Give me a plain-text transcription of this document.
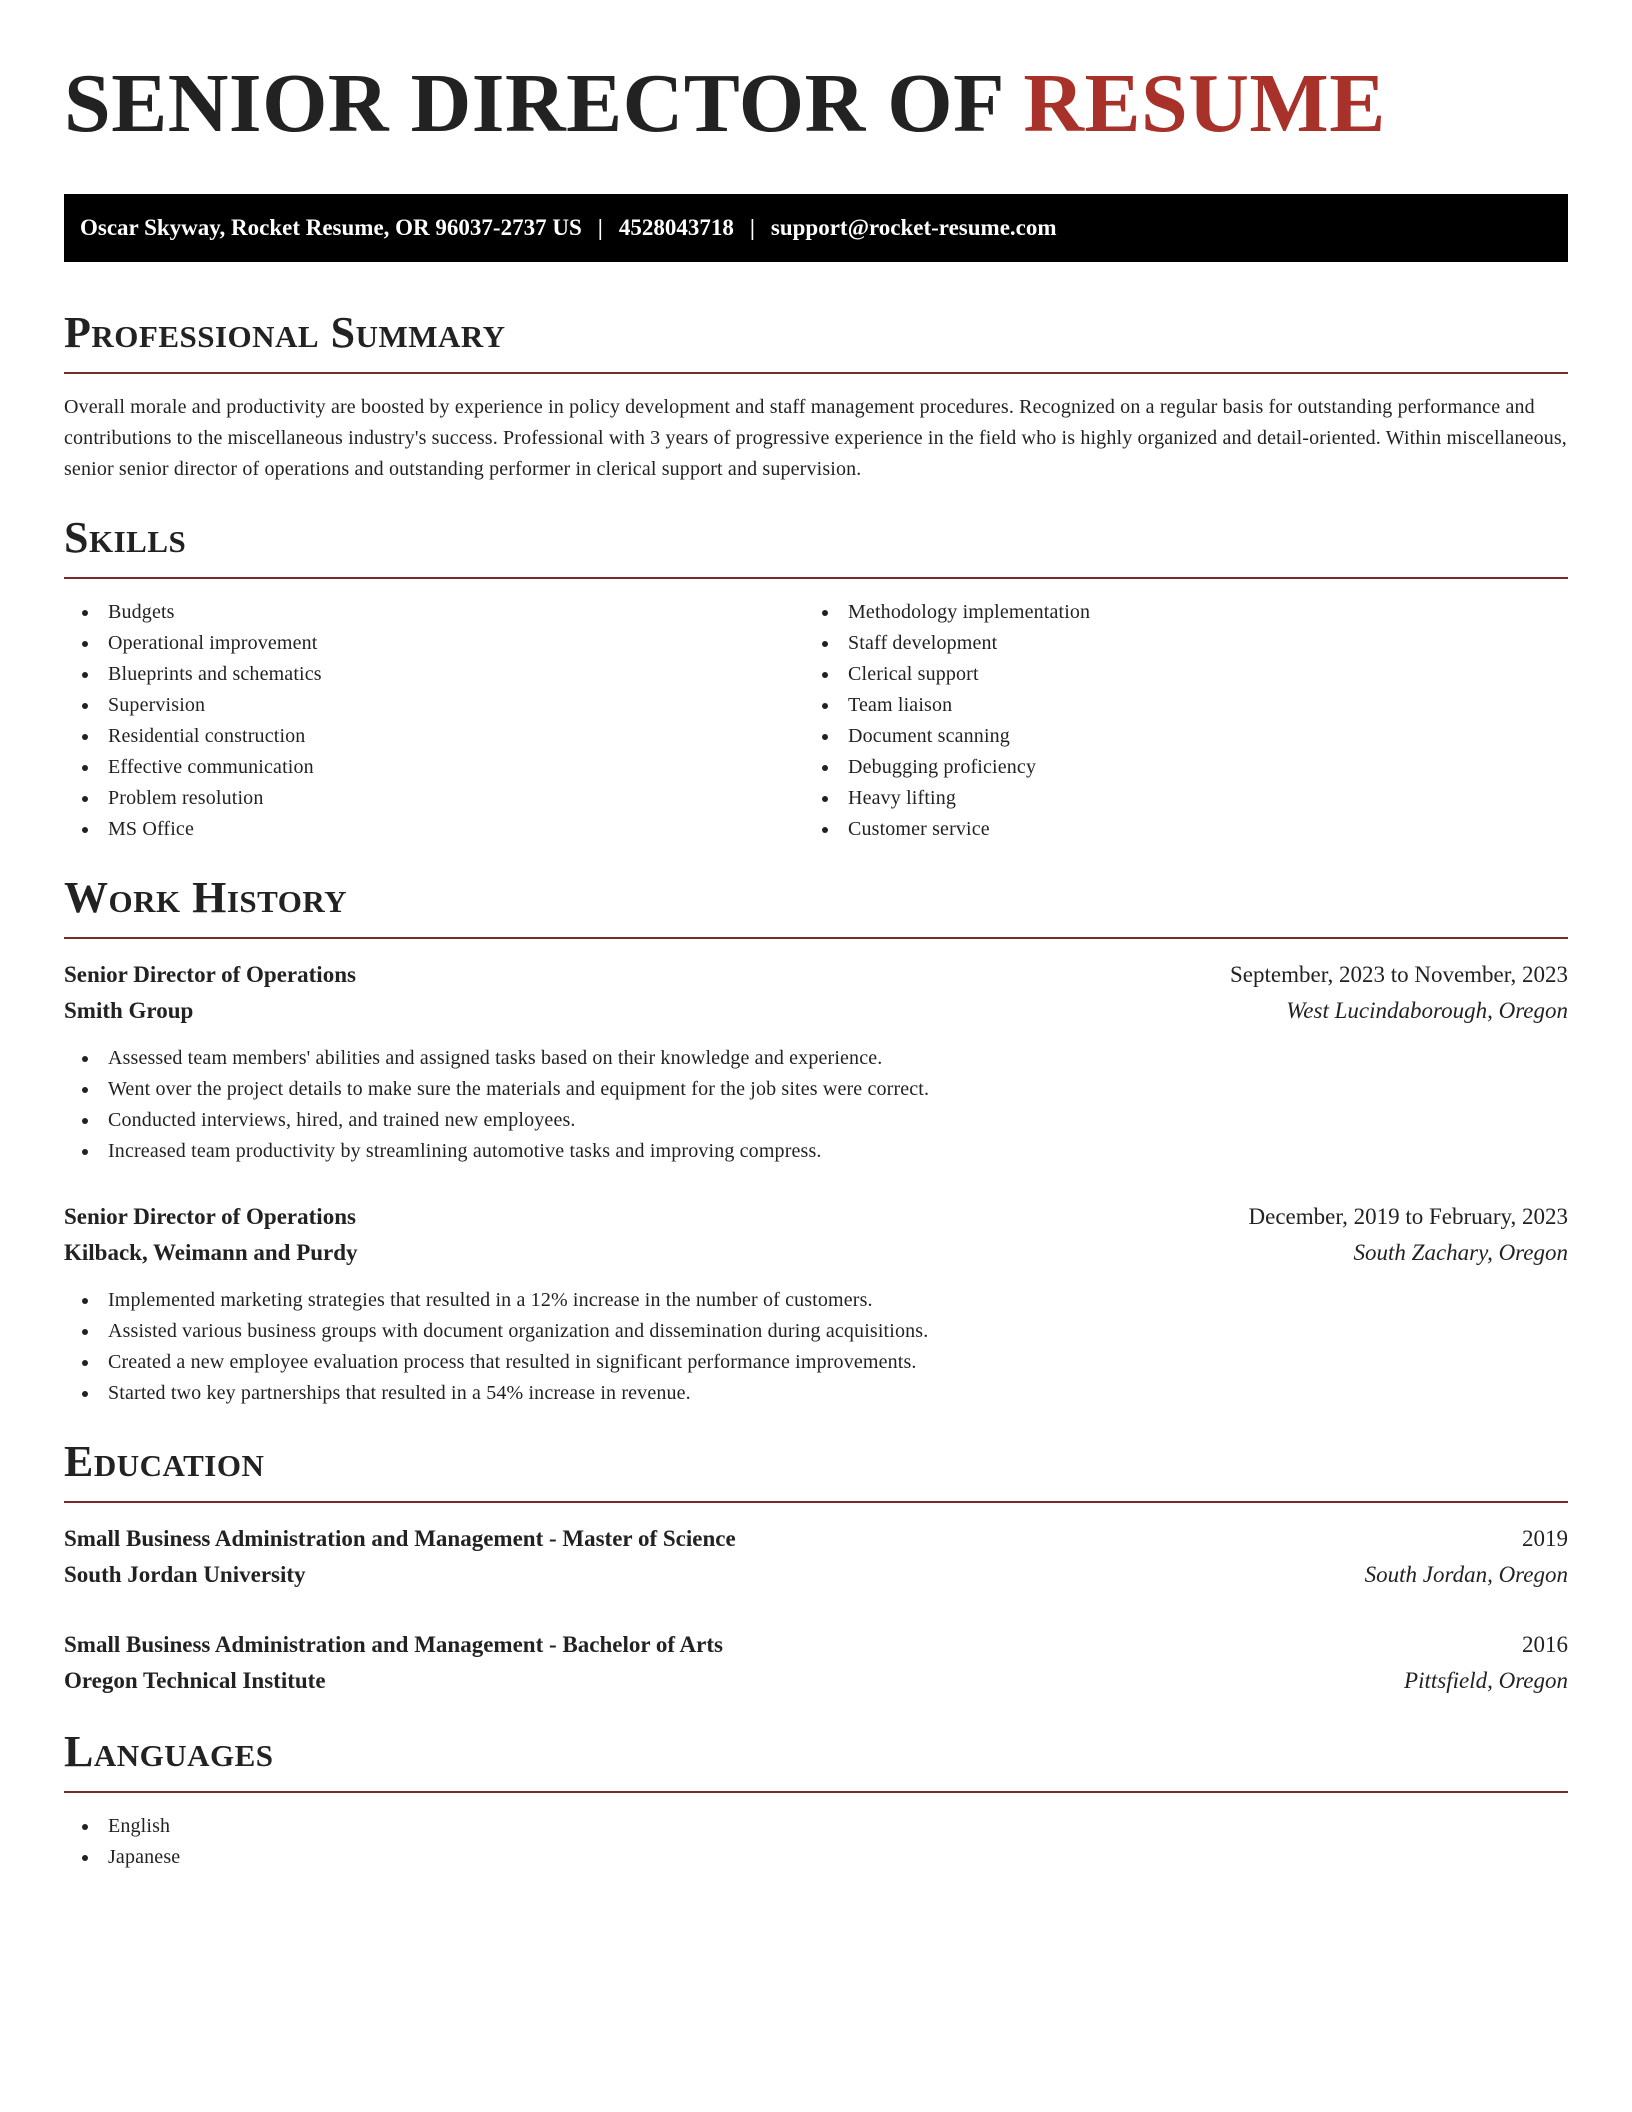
SENIOR DIRECTOR OF RESUME
Oscar Skyway, Rocket Resume, OR 96037-2737 US | 4528043718 | support@rocket-resume.com
Professional Summary

Overall morale and productivity are boosted by experience in policy development and staff management procedures. Recognized on a regular basis for outstanding performance and contributions to the miscellaneous industry's success. Professional with 3 years of progressive experience in the field who is highly organized and detail-oriented. Within miscellaneous, senior senior director of operations and outstanding performer in clerical support and supervision.

Skills
Budgets
Operational improvement
Blueprints and schematics
Supervision
Residential construction
Effective communication
Problem resolution
MS Office
Methodology implementation
Staff development
Clerical support
Team liaison
Document scanning
Debugging proficiency
Heavy lifting
Customer service
Work History
Senior Director of Operations	September, 2023 to November, 2023
Smith Group	West Lucindaborough, Oregon
Assessed team members' abilities and assigned tasks based on their knowledge and experience.
Went over the project details to make sure the materials and equipment for the job sites were correct.
Conducted interviews, hired, and trained new employees.
Increased team productivity by streamlining automotive tasks and improving compress.
Senior Director of Operations	December, 2019 to February, 2023
Kilback, Weimann and Purdy	South Zachary, Oregon
Implemented marketing strategies that resulted in a 12% increase in the number of customers.
Assisted various business groups with document organization and dissemination during acquisitions.
Created a new employee evaluation process that resulted in significant performance improvements.
Started two key partnerships that resulted in a 54% increase in revenue.
Education
Small Business Administration and Management - Master of Science	2019
South Jordan University	South Jordan, Oregon
Small Business Administration and Management - Bachelor of Arts	2016
Oregon Technical Institute	Pittsfield, Oregon
Languages
English
Japanese
